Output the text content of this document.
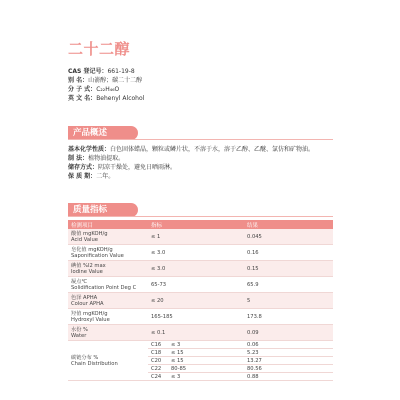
二十二醇
CAS 登记号：661-19-8
别 名：山嵛醇；碳二十二醇
分 子 式：C₂₂H₄₆O
英 文 名：Behenyl Alcohol
产品概述
基本化学性质：白色固体蜡晶，颗粒或鳞片状，不溶于水，溶于乙醇、乙醚、氯仿和矿物油。
制 法：植物油提取。
储存方式：阴凉干燥处，避免日晒雨淋。
保 质 期：二年。
质量指标
检测项目	指标	结果

酸值 mgKOH/g
Acid Value	≤ 1	0.045

皂化值 mgKOH/g
Saponification Value	≤ 3.0	0.16

碘值 %I2 max
Iodine Value	≤ 3.0	0.15

凝点℃
Solidification Point Deg C	65-73	65.9

色泽 APHA
Colour APHA	≤ 20	5

羟值 mgKOH/g
Hydroxyl Value	165-185	173.8

水份 %
Water	≤ 0.1	0.09

碳链分布 %
Chain Distribution	C16 ≤ 3	0.06
	C18 ≤ 15	5.23
	C20 ≤ 15	13.27
	C22 80-85	80.56
	C24 ≤ 3	0.88
